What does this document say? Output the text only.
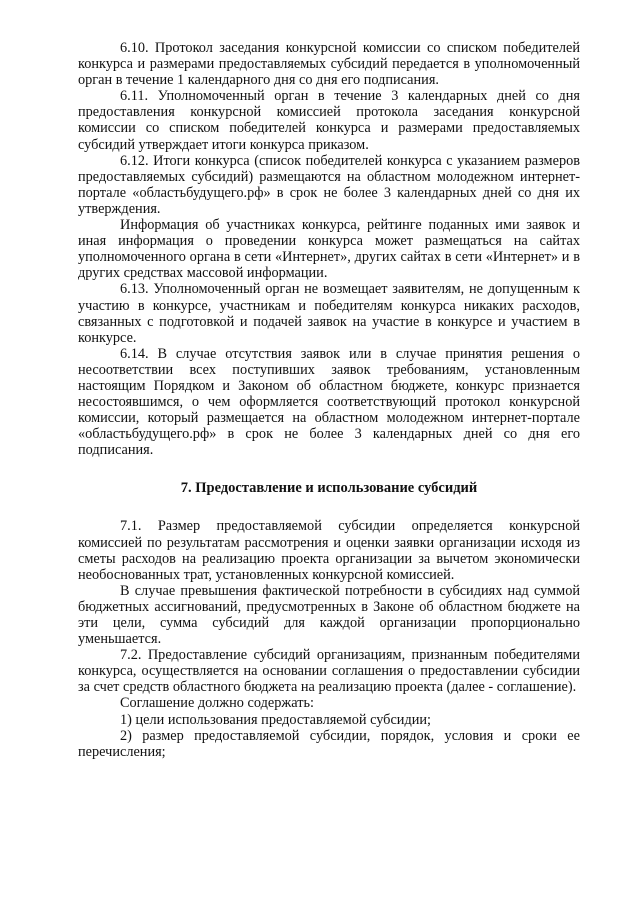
6.10. Протокол заседания конкурсной комиссии со списком победителей конкурса и размерами предоставляемых субсидий передается в уполномоченный орган в течение 1 календарного дня со дня его подписания.

6.11. Уполномоченный орган в течение 3 календарных дней со дня предоставления конкурсной комиссией протокола заседания конкурсной комиссии со списком победителей конкурса и размерами предоставляемых субсидий утверждает итоги конкурса приказом.

6.12. Итоги конкурса (список победителей конкурса с указанием размеров предоставляемых субсидий) размещаются на областном молодежном интернет-портале «областьбудущего.рф» в срок не более 3 календарных дней со дня их утверждения.

Информация об участниках конкурса, рейтинге поданных ими заявок и иная информация о проведении конкурса может размещаться на сайтах уполномоченного органа в сети «Интернет», других сайтах в сети «Интернет» и в других средствах массовой информации.

6.13. Уполномоченный орган не возмещает заявителям, не допущенным к участию в конкурсе, участникам и победителям конкурса никаких расходов, связанных с подготовкой и подачей заявок на участие в конкурсе и участием в конкурсе.

6.14. В случае отсутствия заявок или в случае принятия решения о несоответствии всех поступивших заявок требованиям, установленным настоящим Порядком и Законом об областном бюджете, конкурс признается несостоявшимся, о чем оформляется соответствующий протокол конкурсной комиссии, который размещается на областном молодежном интернет-портале «областьбудущего.рф» в срок не более 3 календарных дней со дня его подписания.

7. Предоставление и использование субсидий

7.1. Размер предоставляемой субсидии определяется конкурсной комиссией по результатам рассмотрения и оценки заявки организации исходя из сметы расходов на реализацию проекта организации за вычетом экономически необоснованных трат, установленных конкурсной комиссией.

В случае превышения фактической потребности в субсидиях над суммой бюджетных ассигнований, предусмотренных в Законе об областном бюджете на эти цели, сумма субсидий для каждой организации пропорционально уменьшается.

7.2. Предоставление субсидий организациям, признанным победителями конкурса, осуществляется на основании соглашения о предоставлении субсидии за счет средств областного бюджета на реализацию проекта (далее - соглашение).

Соглашение должно содержать:

1) цели использования предоставляемой субсидии;

2) размер предоставляемой субсидии, порядок, условия и сроки ее перечисления;
